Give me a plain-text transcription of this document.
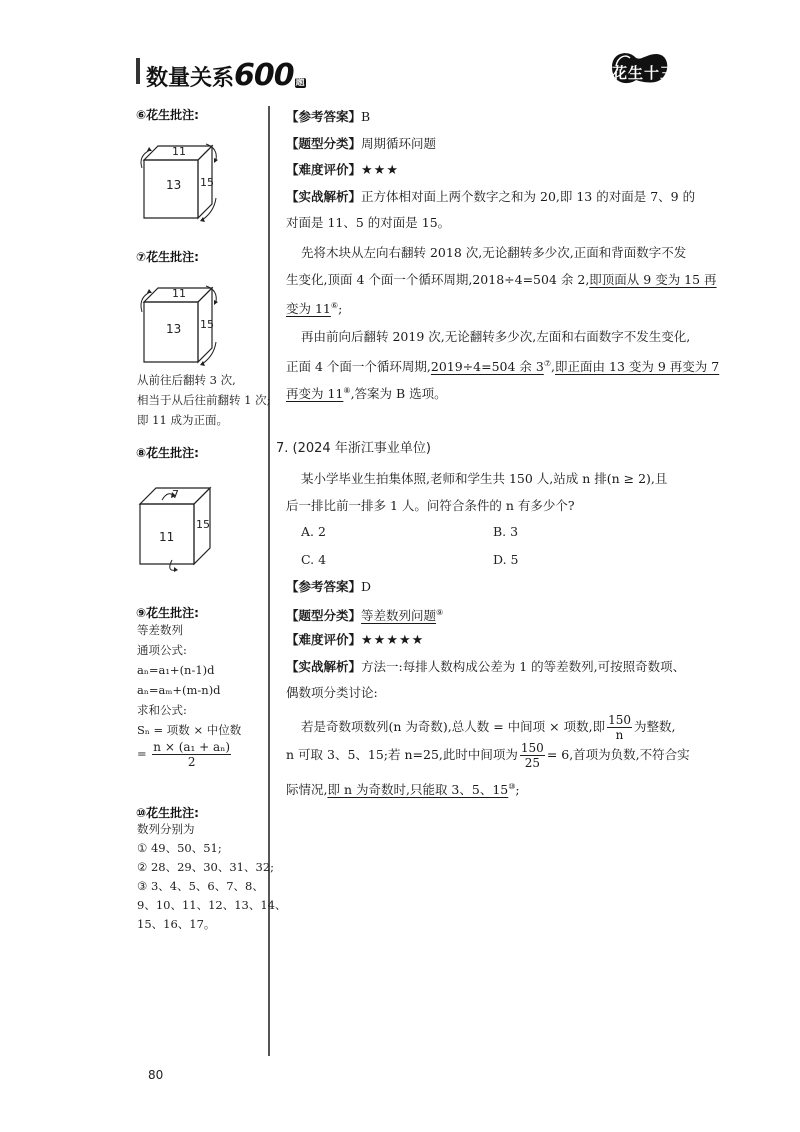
数量关系600 题
花生十三
⑥花生批注:
13
11
15
⑦花生批注:
13
11
15
从前往后翻转 3 次,
相当于从后往前翻转 1 次;
即 11 成为正面。
⑧花生批注:
11
7
15
⑨花生批注:
等差数列
通项公式:
aₙ=a₁+(n-1)d
aₙ=aₘ+(m-n)d
求和公式:
Sₙ = 项数 × 中位数
= $\frac{\text{n × (a₁ + aₙ)}}{2}$
⑩花生批注:
数列分别为
① 49、50、51;
② 28、29、30、31、32;
③ 3、4、5、6、7、8、
9、10、11、12、13、14、
15、16、17。
【参考答案】B
【题型分类】周期循环问题
【难度评价】★★★
【实战解析】正方体相对面上两个数字之和为 20,即 13 的对面是 7、9 的
对面是 11、5 的对面是 15。
先将木块从左向右翻转 2018 次,无论翻转多少次,正面和背面数字不发
生变化,顶面 4 个面一个循环周期,2018÷4=504 余 2,即顶面从 9 变为 15 再
变为 11⑥;
再由前向后翻转 2019 次,无论翻转多少次,左面和右面数字不发生变化,
正面 4 个面一个循环周期,2019÷4=504 余 3⑦,即正面由 13 变为 9 再变为 7
再变为 11⑧,答案为 B 选项。
7. (2024 年浙江事业单位)
某小学毕业生拍集体照,老师和学生共 150 人,站成 n 排(n ≥ 2),且
后一排比前一排多 1 人。问符合条件的 n 有多少个?
A. 2	B. 3
C. 4	D. 5
【参考答案】D
【题型分类】等差数列问题⑨
【难度评价】★★★★★
【实战解析】方法一:每排人数构成公差为 1 的等差数列,可按照奇数项、
偶数项分类讨论:
若是奇数项数列(n 为奇数),总人数 = 中间项 × 项数,即 $\frac{150}{n}$ 为整数,
n 可取 3、5、15;若 n=25,此时中间项为 $\frac{150}{25} = 6$,首项为负数,不符合实
际情况,即 n 为奇数时,只能取 3、5、15⑩;
80
